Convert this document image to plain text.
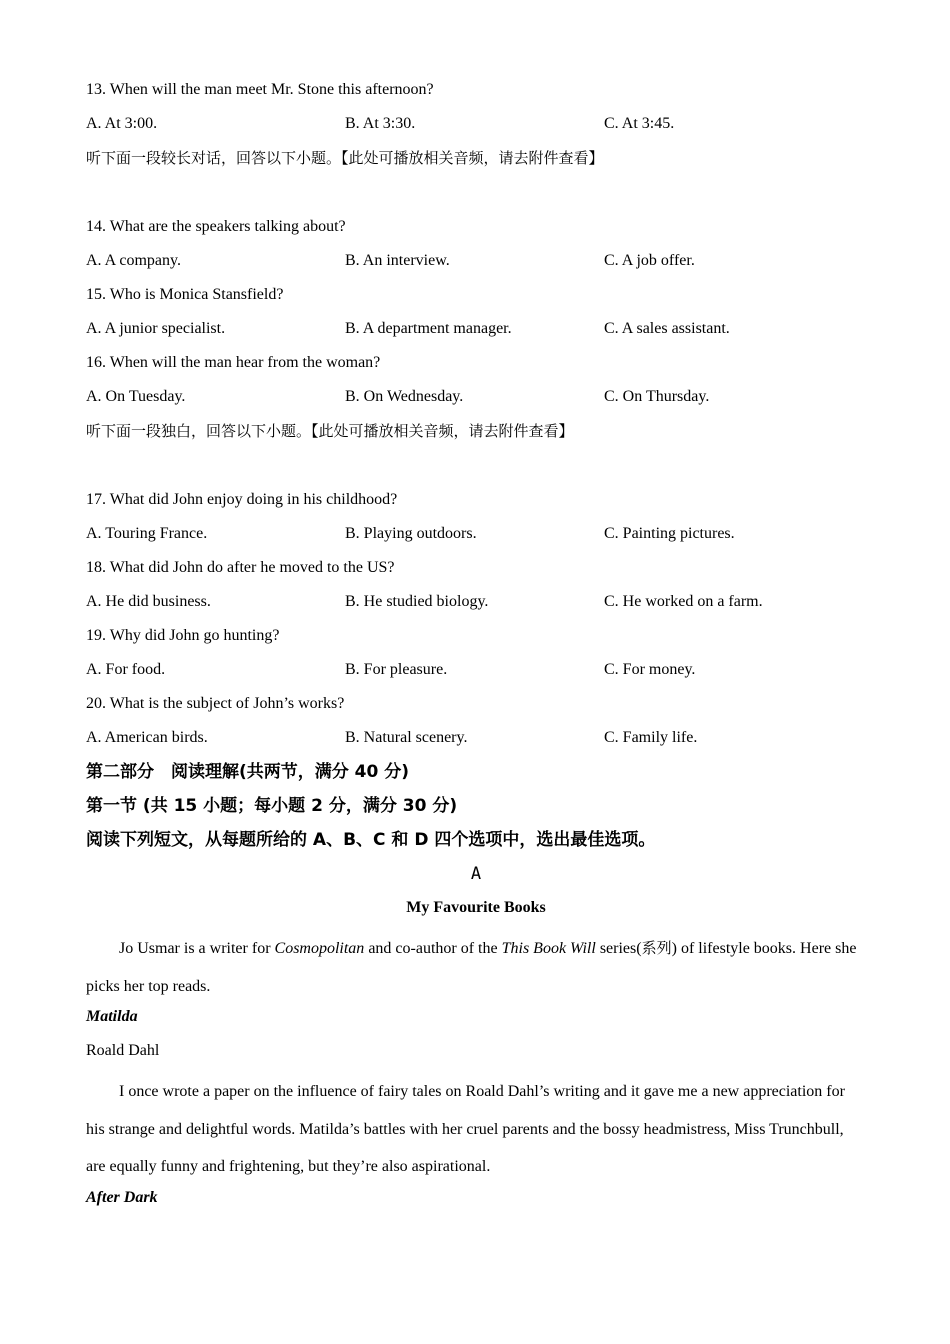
13. When will the man meet Mr. Stone this afternoon?
A. At 3:00.	B. At 3:30.	C. At 3:45.
听下面一段较长对话，回答以下小题。【此处可播放相关音频，请去附件查看】
14. What are the speakers talking about?
A. A company.	B. An interview.	C. A job offer.
15. Who is Monica Stansfield?
A. A junior specialist.	B. A department manager.	C. A sales assistant.
16. When will the man hear from the woman?
A. On Tuesday.	B. On Wednesday.	C. On Thursday.
听下面一段独白，回答以下小题。【此处可播放相关音频，请去附件查看】
17. What did John enjoy doing in his childhood?
A. Touring France.	B. Playing outdoors.	C. Painting pictures.
18. What did John do after he moved to the US?
A. He did business.	B. He studied biology.	C. He worked on a farm.
19. Why did John go hunting?
A. For food.	B. For pleasure.	C. For money.
20. What is the subject of John’s works?
A. American birds.	B. Natural scenery.	C. Family life.
第二部分　阅读理解(共两节，满分 40 分)
第一节 (共 15 小题；每小题 2 分，满分 30 分)
阅读下列短文，从每题所给的 A、B、C 和 D 四个选项中，选出最佳选项。
A
My Favourite Books
Jo Usmar is a writer for Cosmopolitan and co-author of the This Book Will series(系列) of lifestyle books. Here she picks her top reads.
Matilda
Roald Dahl
I once wrote a paper on the influence of fairy tales on Roald Dahl’s writing and it gave me a new appreciation for his strange and delightful words. Matilda’s battles with her cruel parents and the bossy headmistress, Miss Trunchbull, are equally funny and frightening, but they’re also aspirational.
After Dark
